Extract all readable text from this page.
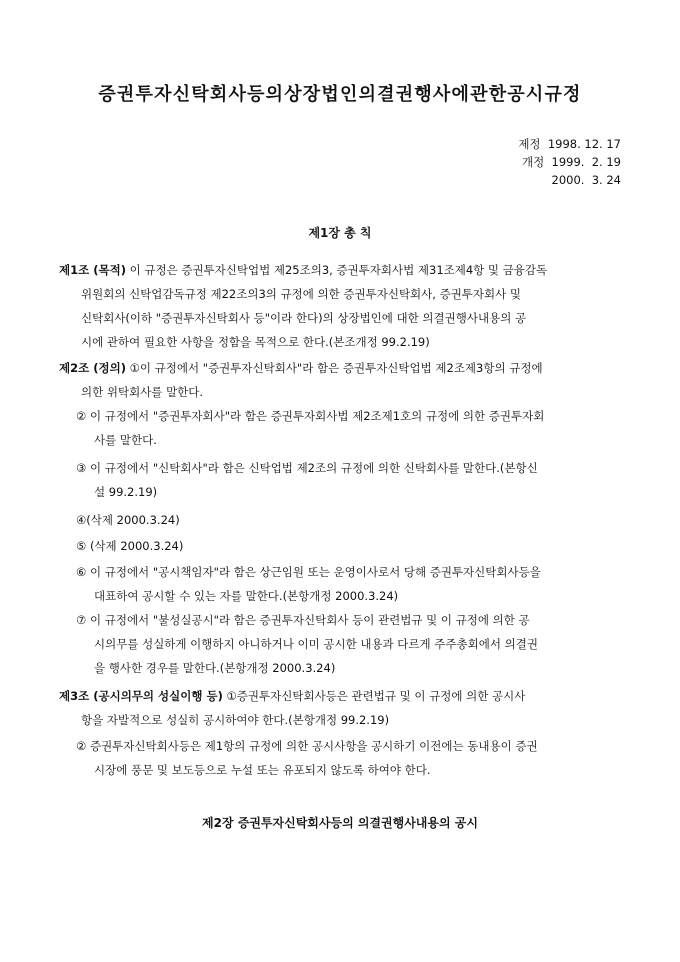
증권투자신탁회사등의상장법인의결권행사에관한공시규정
제정  1998. 12. 17
개정  1999.  2. 19
2000.  3. 24
제1장 총 칙
제1조 (목적) 이 규정은 증권투자신탁업법 제25조의3, 증권투자회사법 제31조제4항 및 금융감독
위원회의 신탁업감독규정 제22조의3의 규정에 의한 증권투자신탁회사, 증권투자회사 및
신탁회사(이하 "증권투자신탁회사 등"이라 한다)의 상장법인에 대한 의결권행사내용의 공
시에 관하여 필요한 사항을 정함을 목적으로 한다.(본조개정 99.2.19)
제2조 (정의) ①이 규정에서 "증권투자신탁회사"라 함은 증권투자신탁업법 제2조제3항의 규정에
의한 위탁회사를 말한다.
② 이 규정에서 "증권투자회사"라 함은 증권투자회사법 제2조제1호의 규정에 의한 증권투자회
사를 말한다.
③ 이 규정에서 "신탁회사"라 함은 신탁업법 제2조의 규정에 의한 신탁회사를 말한다.(본항신
설 99.2.19)
④(삭제 2000.3.24)
⑤ (삭제 2000.3.24)
⑥ 이 규정에서 "공시책임자"라 함은 상근임원 또는 운영이사로서 당해 증권투자신탁회사등을
대표하여 공시할 수 있는 자를 말한다.(본항개정 2000.3.24)
⑦ 이 규정에서 "불성실공시"라 함은 증권투자신탁회사 등이 관련법규 및 이 규정에 의한 공
시의무를 성실하게 이행하지 아니하거나 이미 공시한 내용과 다르게 주주총회에서 의결권
을 행사한 경우를 말한다.(본항개정 2000.3.24)
제3조 (공시의무의 성실이행 등) ①증권투자신탁회사등은 관련법규 및 이 규정에 의한 공시사
항을 자발적으로 성실히 공시하여야 한다.(본항개정 99.2.19)
② 증권투자신탁회사등은 제1항의 규정에 의한 공시사항을 공시하기 이전에는 동내용이 증권
시장에 풍문 및 보도등으로 누설 또는 유포되지 않도록 하여야 한다.
제2장 증권투자신탁회사등의 의결권행사내용의 공시
